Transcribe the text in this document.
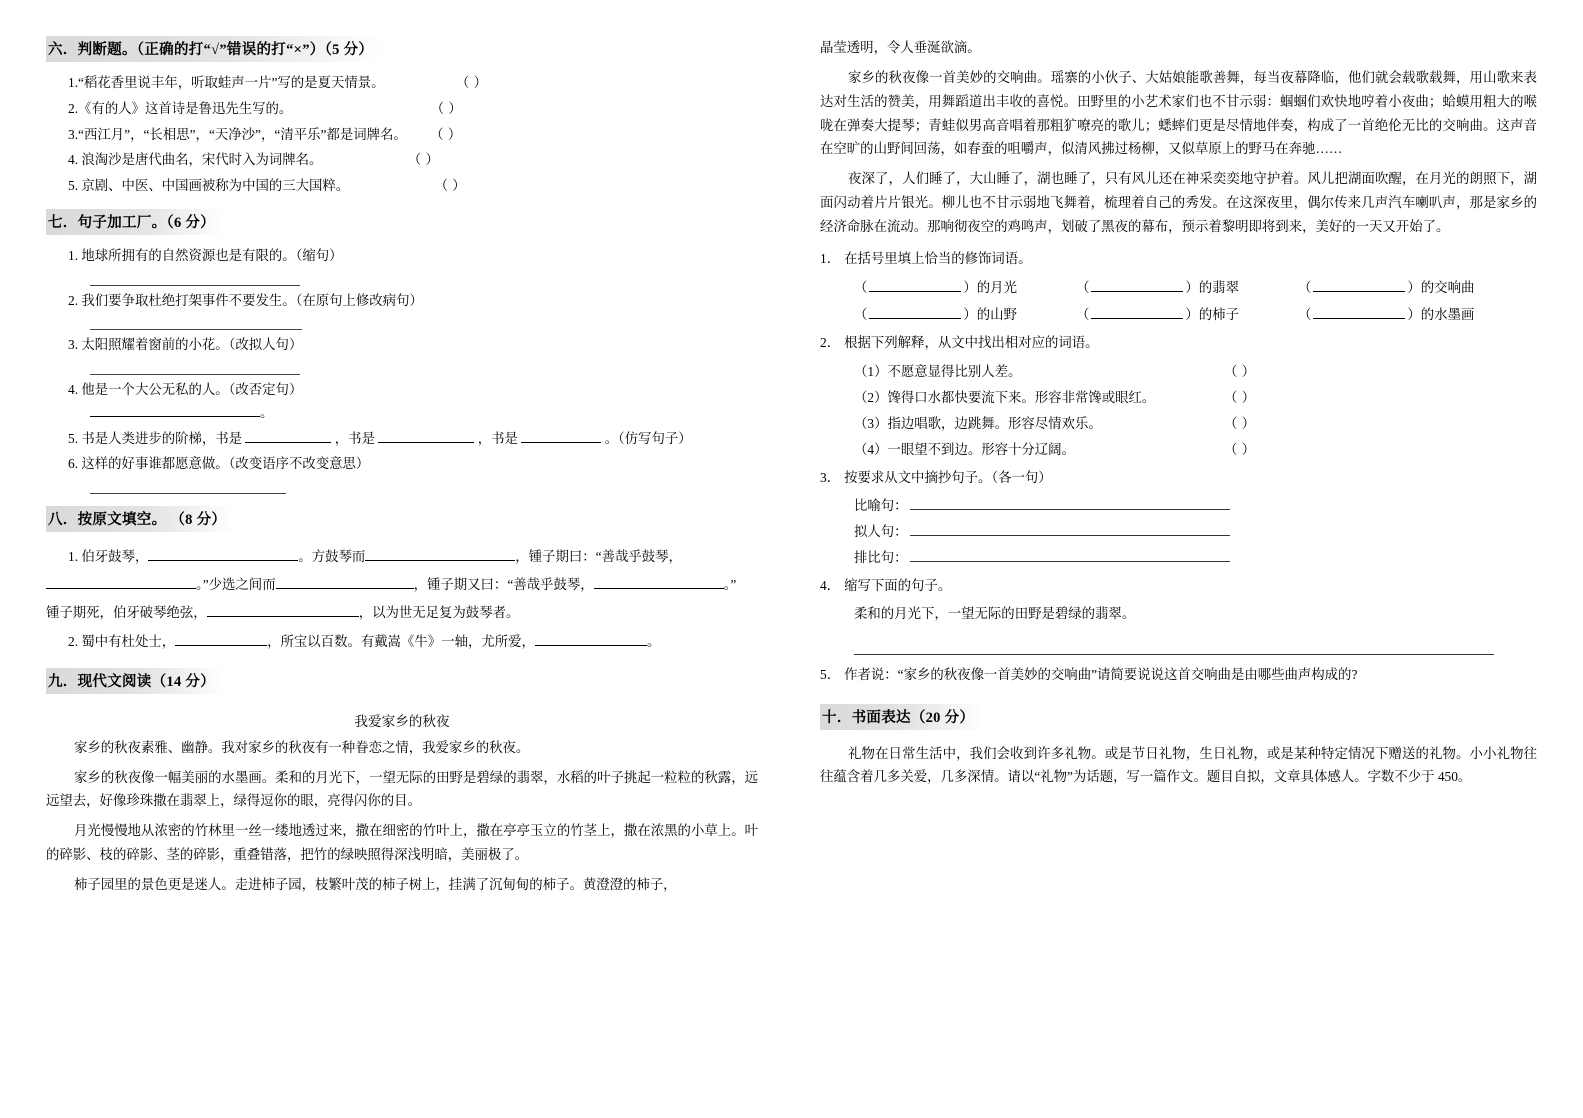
六．判断题。（正确的打“√”错误的打“×”）（5 分）
1.“稻花香里说丰年，听取蛙声一片”写的是夏天情景。	（ ）
2.《有的人》这首诗是鲁迅先生写的。	（ ）
3.“西江月”，“长相思”，“天净沙”，“清平乐”都是词牌名。 （ ）
4. 浪淘沙是唐代曲名，宋代时入为词牌名。	（ ）
5. 京剧、中医、中国画被称为中国的三大国粹。	（ ）
七．句子加工厂。（6 分）
1. 地球所拥有的自然资源也是有限的。（缩句）
2. 我们要争取杜绝打架事件不要发生。（在原句上修改病句）
3. 太阳照耀着窗前的小花。（改拟人句）
4. 他是一个大公无私的人。（改否定句）
。
5. 书是人类进步的阶梯，书是	，书是	，书是	。（仿写句子）
6. 这样的好事谁都愿意做。（改变语序不改变意思）
八．按原文填空。 （8 分）
1. 伯牙鼓琴，	。方鼓琴而	，锺子期曰：“善哉乎鼓琴，
。”少选之间而	，锺子期又曰：“善哉乎鼓琴，	。”
锺子期死，伯牙破琴绝弦，	，以为世无足复为鼓琴者。
2. 蜀中有杜处士，	，所宝以百数。有戴嵩《牛》一轴，尤所爱，	。
九．现代文阅读（14 分）
我爱家乡的秋夜
家乡的秋夜素雅、幽静。我对家乡的秋夜有一种眷恋之情，我爱家乡的秋夜。
家乡的秋夜像一幅美丽的水墨画。柔和的月光下，一望无际的田野是碧绿的翡翠，水稻的叶子挑起一粒粒的秋露，远远望去，好像珍珠撒在翡翠上，绿得逗你的眼，亮得闪你的目。
月光慢慢地从浓密的竹林里一丝一缕地透过来，撒在细密的竹叶上，撒在亭亭玉立的竹茎上，撒在浓黑的小草上。叶的碎影、枝的碎影、茎的碎影，重叠错落，把竹的绿映照得深浅明暗，美丽极了。
柿子园里的景色更是迷人。走进柿子园，枝繁叶茂的柿子树上，挂满了沉甸甸的柿子。黄澄澄的柿子，
晶莹透明，令人垂涎欲滴。
家乡的秋夜像一首美妙的交响曲。瑶寨的小伙子、大姑娘能歌善舞，每当夜幕降临，他们就会载歌载舞，用山歌来表达对生活的赞美，用舞蹈道出丰收的喜悦。田野里的小艺术家们也不甘示弱：蝈蝈们欢快地哼着小夜曲；蛤蟆用粗大的喉咙在弹奏大提琴；青蛙似男高音唱着那粗犷嘹亮的歌儿；蟋蟀们更是尽情地伴奏，构成了一首绝伦无比的交响曲。这声音在空旷的山野间回荡，如春蚕的咀嚼声，似清风拂过杨柳，又似草原上的野马在奔驰……
夜深了，人们睡了，大山睡了，湖也睡了，只有风儿还在神采奕奕地守护着。风儿把湖面吹醒，在月光的朗照下，湖面闪动着片片银光。柳儿也不甘示弱地飞舞着，梳理着自己的秀发。在这深夜里，偶尔传来几声汽车喇叭声，那是家乡的经济命脉在流动。那响彻夜空的鸡鸣声，划破了黑夜的幕布，预示着黎明即将到来，美好的一天又开始了。
1． 在括号里填上恰当的修饰词语。
（	）的月光	（	）的翡翠	（	）的交响曲
（	）的山野	（	）的柿子	（	）的水墨画
2． 根据下列解释，从文中找出相对应的词语。
（1）不愿意显得比别人差。	（ ）
（2）馋得口水都快要流下来。形容非常馋或眼红。	（ ）
（3）指边唱歌，边跳舞。形容尽情欢乐。	（ ）
（4）一眼望不到边。形容十分辽阔。	（ ）
3． 按要求从文中摘抄句子。（各一句）
比喻句：
拟人句：
排比句：
4． 缩写下面的句子。
柔和的月光下，一望无际的田野是碧绿的翡翠。
5． 作者说：“家乡的秋夜像一首美妙的交响曲”请简要说说这首交响曲是由哪些曲声构成的?
十．书面表达（20 分）
礼物在日常生活中，我们会收到许多礼物。或是节日礼物，生日礼物，或是某种特定情况下赠送的礼物。小小礼物往往蕴含着几多关爱，几多深情。请以“礼物”为话题，写一篇作文。题目自拟，文章具体感人。字数不少于 450。
